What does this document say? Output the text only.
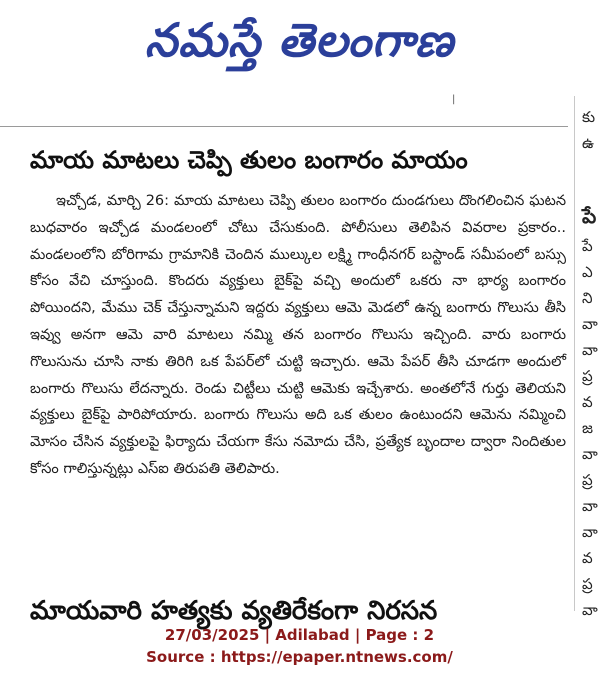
నమస్తే తెలంగాణ
|
మాయ మాటలు చెప్పి తులం బంగారం మాయం

ఇచ్చోడ, మార్చి 26: మాయ మాటలు చెప్పి తులం బంగారం దుండగులు దొంగలించిన ఘటన బుధవారం ఇచ్చోడ మండలంలో చోటు చేసుకుంది. పోలీసులు తెలిపిన వివరాల ప్రకారం.. మండలంలోని బోరిగామ గ్రామానికి చెందిన ముల్కుల లక్ష్మి గాంధీనగర్ బస్టాండ్ సమీపంలో బస్సు కోసం వేచి చూస్తుంది. కొందరు వ్యక్తులు బైక్‌పై వచ్చి అందులో ఒకరు నా భార్య బంగారం పోయిందని, మేము చెక్ చేస్తున్నామని ఇద్దరు వ్యక్తులు ఆమె మెడలో ఉన్న బంగారు గొలుసు తీసి ఇవ్వు అనగా ఆమె వారి మాటలు నమ్మి తన బంగారం గొలుసు ఇచ్చింది. వారు బంగారు గొలుసును చూసి నాకు తిరిగి ఒక పేపర్‌లో చుట్టి ఇచ్చారు. ఆమె పేపర్ తీసి చూడగా అందులో బంగారు గొలుసు లేదన్నారు. రెండు చిట్టీలు చుట్టి ఆమెకు ఇచ్చేశారు. అంతలోనే గుర్తు తెలియని వ్యక్తులు బైక్‌పై పారిపోయారు. బంగారు గొలుసు అది ఒక తులం ఉంటుందని ఆమెను నమ్మించి మోసం చేసిన వ్యక్తులపై ఫిర్యాదు చేయగా కేసు నమోదు చేసి, ప్రత్యేక బృందాల ద్వారా నిందితుల కోసం గాలిస్తున్నట్లు ఎస్ఐ తిరుపతి తెలిపారు.

మాయవారి హత్యకు వ్యతిరేకంగా నిరసన
కు
ఉ
పే
పే
ఎ
ని
వా
వా
ప్ర
వ
జ
వా
ప్ర
వా
వా
వ
ప్ర
వా
27/03/2025 | Adilabad | Page : 2
Source : https://epaper.ntnews.com/
